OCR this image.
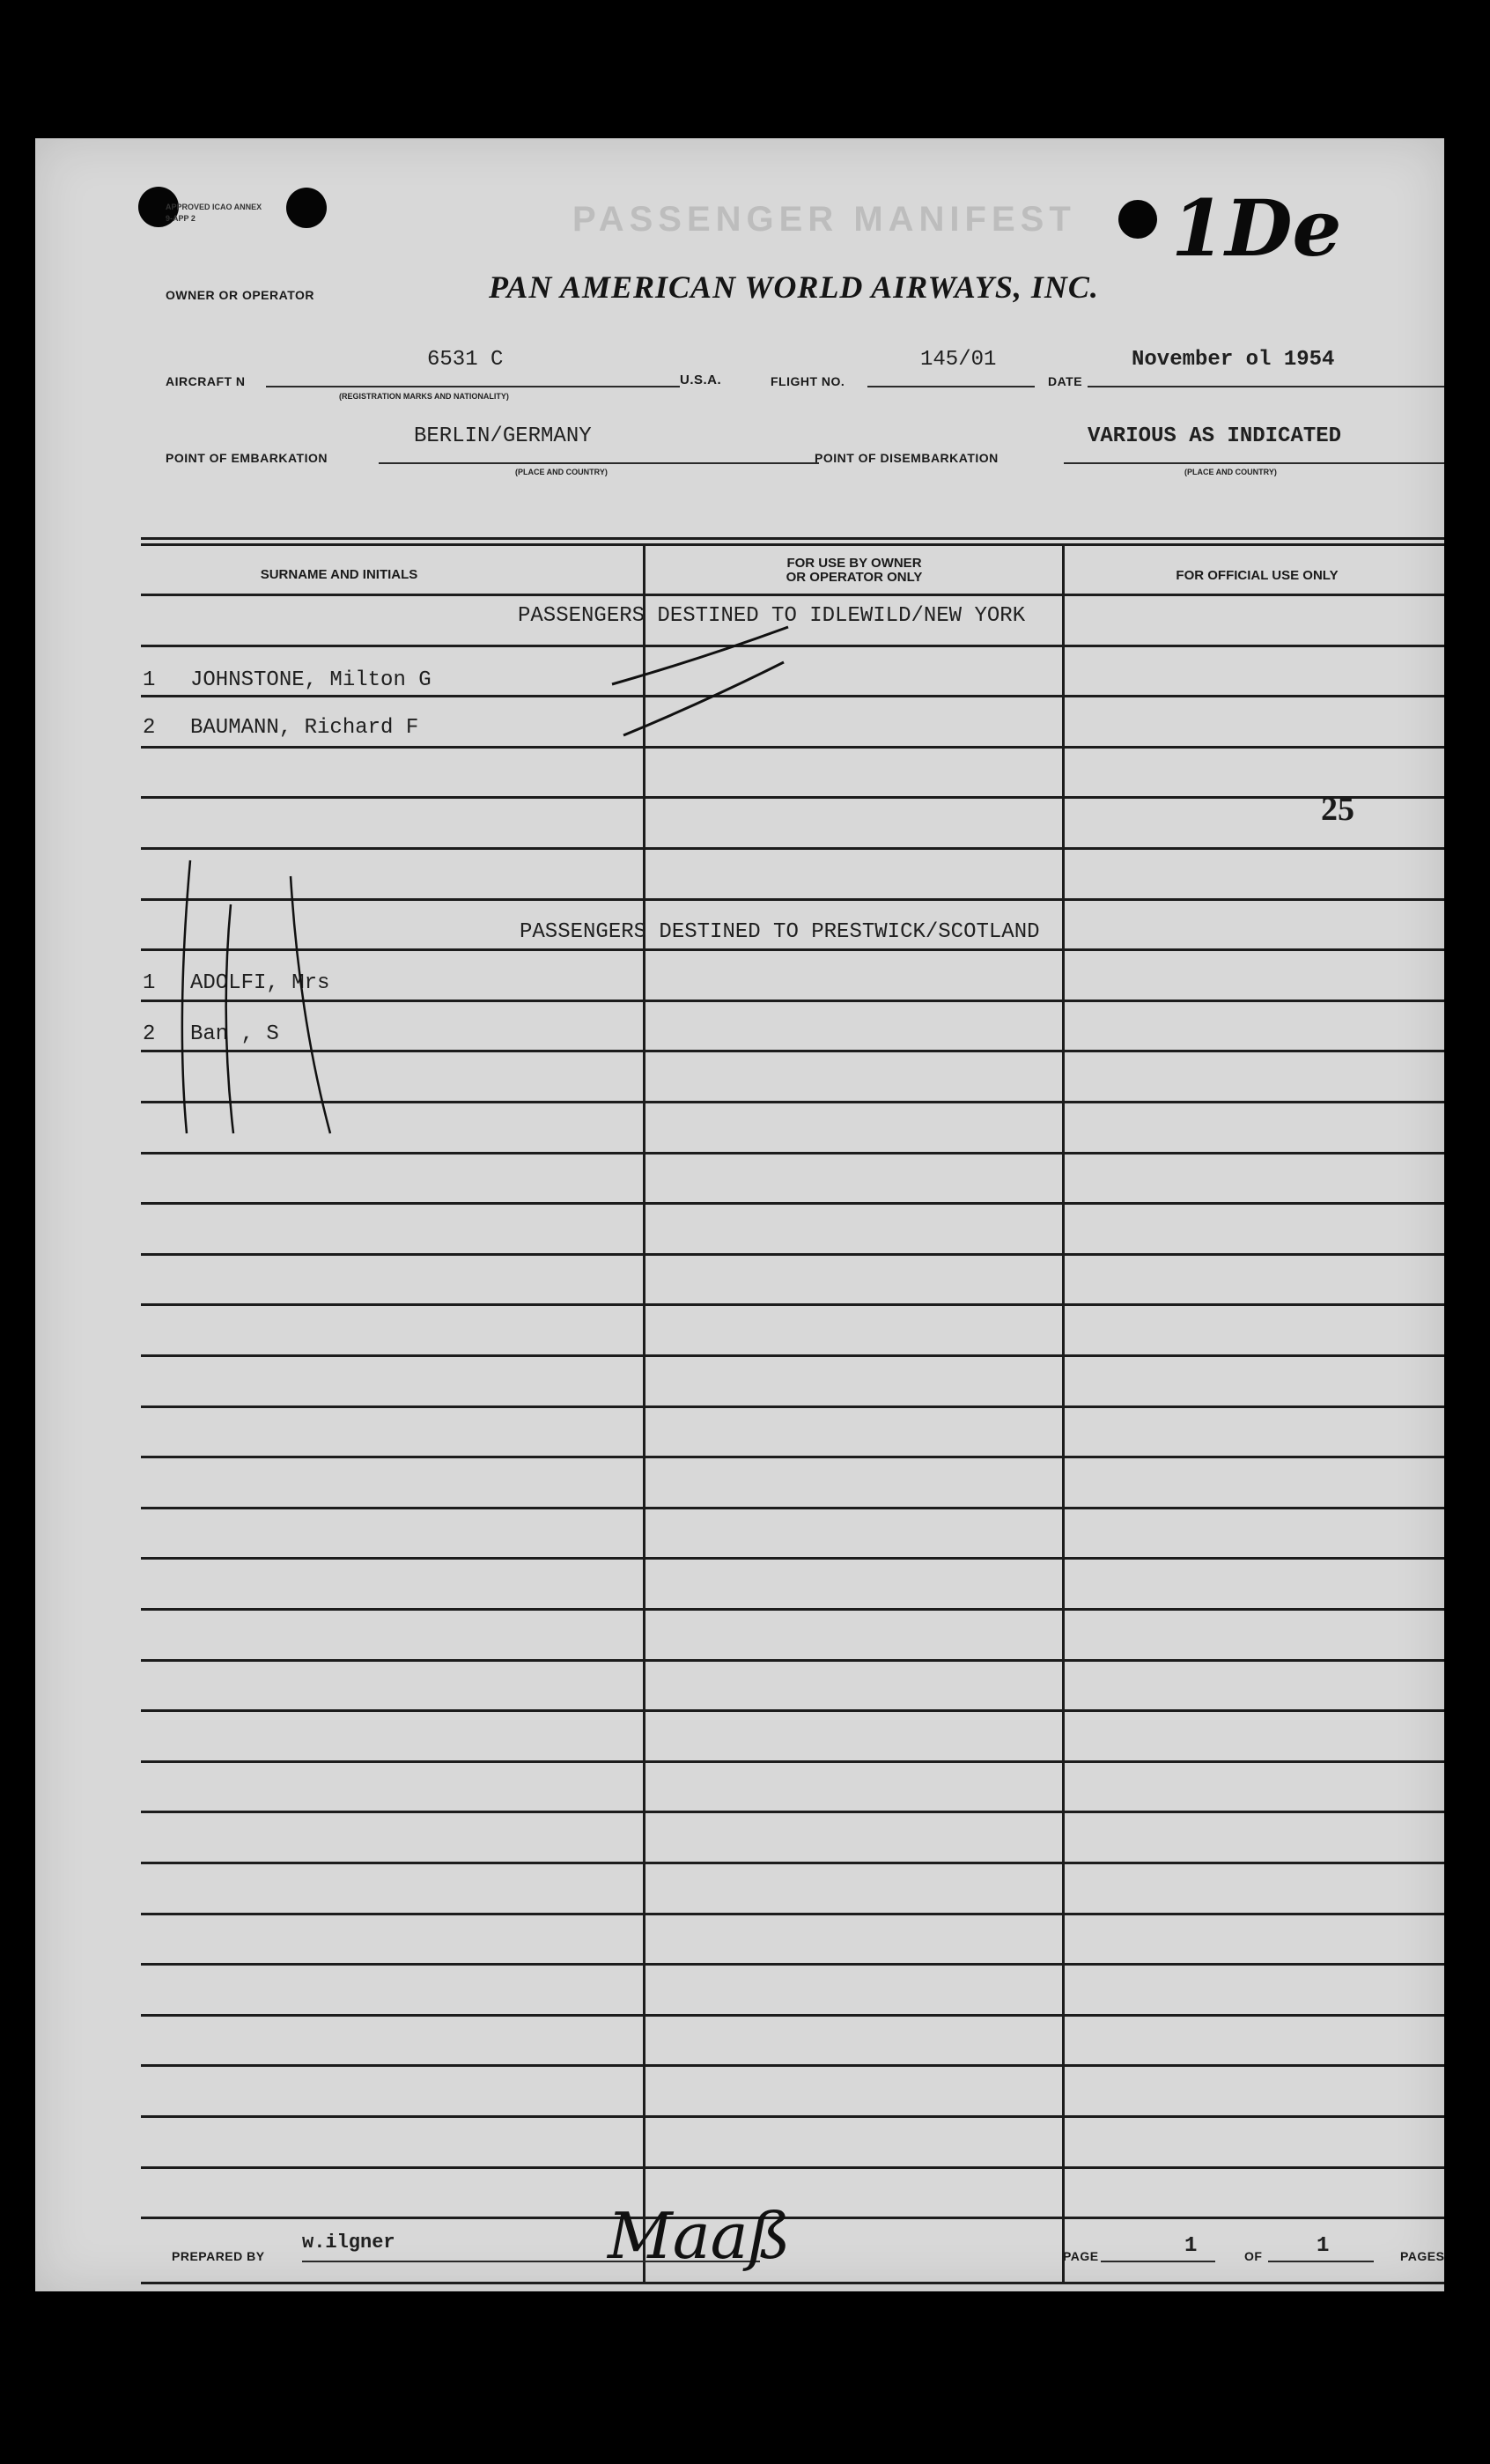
PASSENGER MANIFEST
APPROVED ICAO ANNEX 9-APP 2	1De
OWNER OR OPERATOR	PAN AMERICAN WORLD AIRWAYS, INC.
AIRCRAFT N
6531 C
(REGISTRATION MARKS AND NATIONALITY)
U.S.A.	FLIGHT NO.
145/01
DATE
November ol 1954
POINT OF EMBARKATION
BERLIN/GERMANY
(PLACE AND COUNTRY)
POINT OF DISEMBARKATION
VARIOUS AS INDICATED
(PLACE AND COUNTRY)
SURNAME AND INITIALS
FOR USE BY OWNER
OR OPERATOR ONLY	FOR OFFICIAL USE ONLY
PASSENGERS DESTINED TO IDLEWILD/NEW YORK
1 JOHNSTONE, Milton G
2 BAUMANN, Richard F
25
PASSENGERS DESTINED TO PRESTWICK/SCOTLAND
1 ADOLFI, Mrs
2 Ban , S
PREPARED BY
w.ilgner	Maaß	PAGE	1	OF	1	PAGES
